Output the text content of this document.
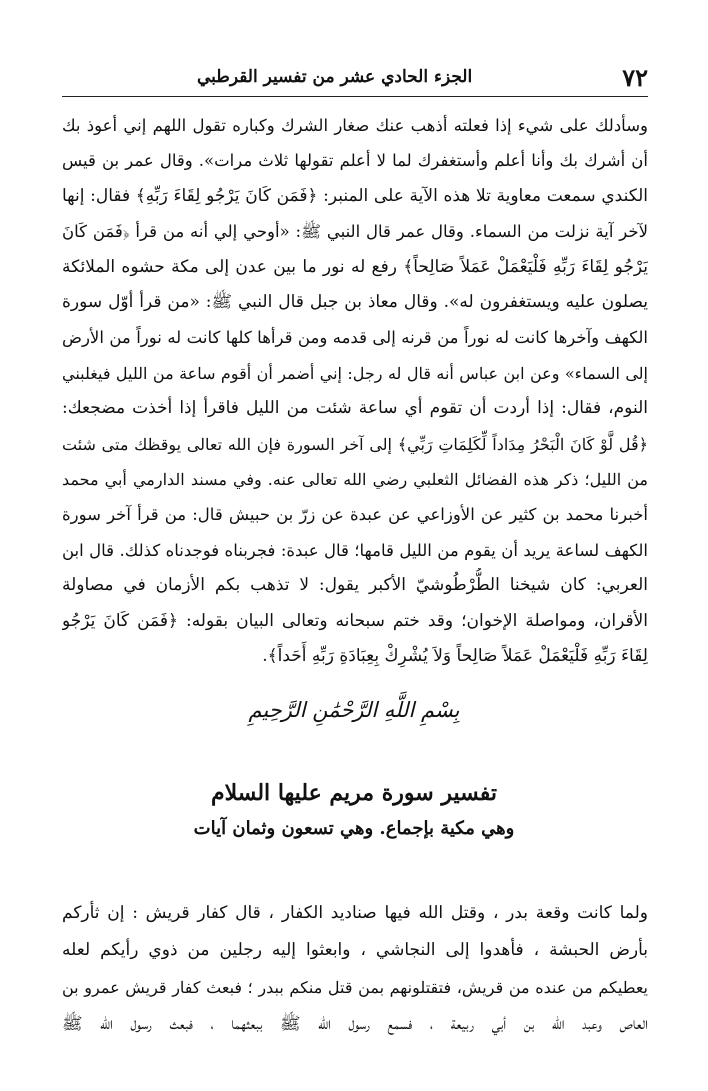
٧٢
الجزء الحادي عشر من تفسير القرطبي
وسأدلك على شيء إذا فعلته أذهب عنك صغار الشرك وكباره تقول اللهم إني أعوذ بك
أن أشرك بك وأنا أعلم وأستغفرك لما لا أعلم تقولها ثلاث مرات». وقال عمر بن قيس
الكندي سمعت معاوية تلا هذه الآية على المنبر: ﴿فَمَن كَانَ يَرْجُو لِقَاءَ رَبِّهِ﴾ فقال: إنها
لآخر آية نزلت من السماء. وقال عمر قال النبي ﷺ: «أوحي إلي أنه من قرأ ﴿فَمَن كَانَ
يَرْجُو لِقَاءَ رَبِّهِ فَلْيَعْمَلْ عَمَلاً صَالِحاً﴾ رفع له نور ما بين عدن إلى مكة حشوه الملائكة
يصلون عليه ويستغفرون له». وقال معاذ بن جبل قال النبي ﷺ: «من قرأ أوّل سورة
الكهف وآخرها كانت له نوراً من قرنه إلى قدمه ومن قرأها كلها كانت له نوراً من الأرض
إلى السماء» وعن ابن عباس أنه قال له رجل: إني أضمر أن أقوم ساعة من الليل فيغلبني
النوم، فقال: إذا أردت أن تقوم أي ساعة شئت من الليل فاقرأ إذا أخذت مضجعك:
﴿قُل لَّوْ كَانَ الْبَحْرُ مِدَاداً لِّكَلِمَاتِ رَبِّي﴾ إلى آخر السورة فإن الله تعالى يوقظك متى شئت
من الليل؛ ذكر هذه الفضائل الثعلبي رضي الله تعالى عنه. وفي مسند الدارمي أبي محمد
أخبرنا محمد بن كثير عن الأوزاعي عن عبدة عن زرّ بن حبيش قال: من قرأ آخر سورة
الكهف لساعة يريد أن يقوم من الليل قامها؛ قال عبدة: فجربناه فوجدناه كذلك. قال ابن
العربي: كان شيخنا الطُّرْطُوشيّ الأكبر يقول: لا تذهب بكم الأزمان في مصاولة
الأقران، ومواصلة الإخوان؛ وقد ختم سبحانه وتعالى البيان بقوله: ﴿فَمَن كَانَ يَرْجُو
لِقَاءَ رَبِّهِ فَلْيَعْمَلْ عَمَلاً صَالِحاً وَلاَ يُشْرِكْ بِعِبَادَةِ رَبِّهِ أَحَداً﴾.
بِسْمِ اللَّهِ الرَّحْمَٰنِ الرَّحِيمِ
تفسير سورة مريم عليها السلام
وهي مكية بإجماع. وهي تسعون وثمان آيات
ولما كانت وقعة بدر ، وقتل الله فيها صناديد الكفار ، قال كفار قريش : إن ثأركم
بأرض الحبشة ، فأهدوا إلى النجاشي ، وابعثوا إليه رجلين من ذوي رأيكم لعله
يعطيكم من عنده من قريش، فتقتلونهم بمن قتل منكم ببدر ؛ فبعث كفار قريش عمرو بن
العاص وعبد الله بن أبي ربيعة ، فسمع رسول الله ﷺ ببعثهما ، فبعث رسول الله ﷺ
